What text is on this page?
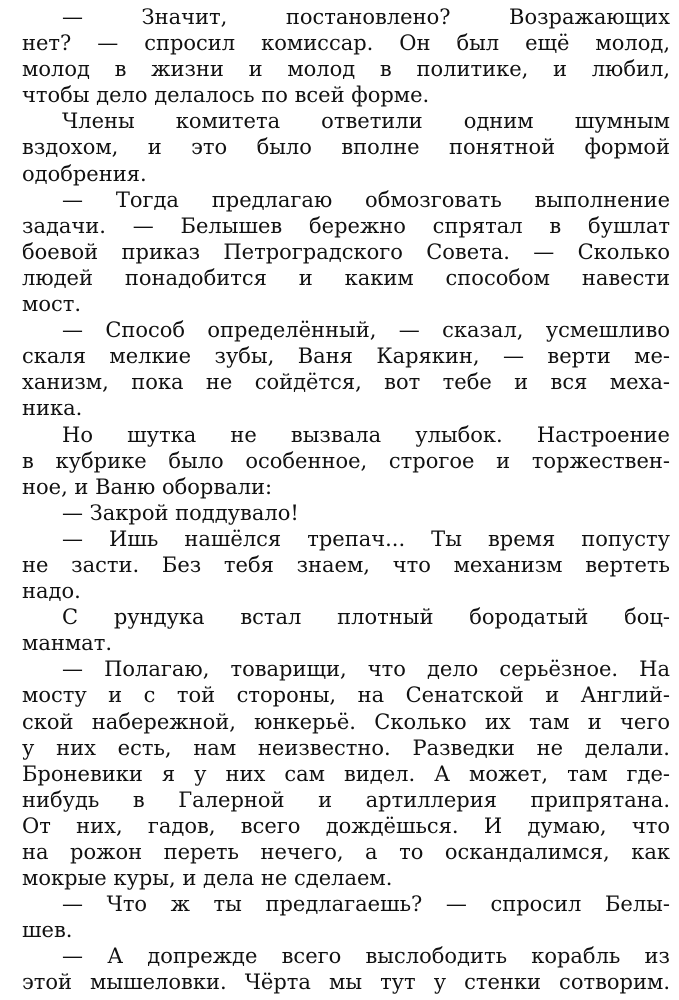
— Значит, постановлено? Возражающих
нет? — спросил комиссар. Он был ещё молод,
молод в жизни и молод в политике, и любил,
чтобы дело делалось по всей форме.
Члены комитета ответили одним шумным
вздохом, и это было вполне понятной формой
одобрения.
— Тогда предлагаю обмозговать выполнение
задачи. — Белышев бережно спрятал в бушлат
боевой приказ Петроградского Совета. — Сколько
людей понадобится и каким способом навести
мост.
— Способ определённый, — сказал, усмешливо
скаля мелкие зубы, Ваня Карякин, — верти ме-
ханизм, пока не сойдётся, вот тебе и вся меха-
ника.
Но шутка не вызвала улыбок. Настроение
в кубрике было особенное, строгое и торжествен-
ное, и Ваню оборвали:
— Закрой поддувало!
— Ишь нашёлся трепач... Ты время попусту
не засти. Без тебя знаем, что механизм вертеть
надо.
С рундука встал плотный бородатый боц-
манмат.
— Полагаю, товарищи, что дело серьёзное. На
мосту и с той стороны, на Сенатской и Англий-
ской набережной, юнкерьё. Сколько их там и чего
у них есть, нам неизвестно. Разведки не делали.
Броневики я у них сам видел. А может, там где-
нибудь в Галерной и артиллерия припрятана.
От них, гадов, всего дождёшься. И думаю, что
на рожон переть нечего, а то оскандалимся, как
мокрые куры, и дела не сделаем.
— Что ж ты предлагаешь? — спросил Белы-
шев.
— А допрежде всего выслободить корабль из
этой мышеловки. Чёрта мы тут у стенки сотворим.
